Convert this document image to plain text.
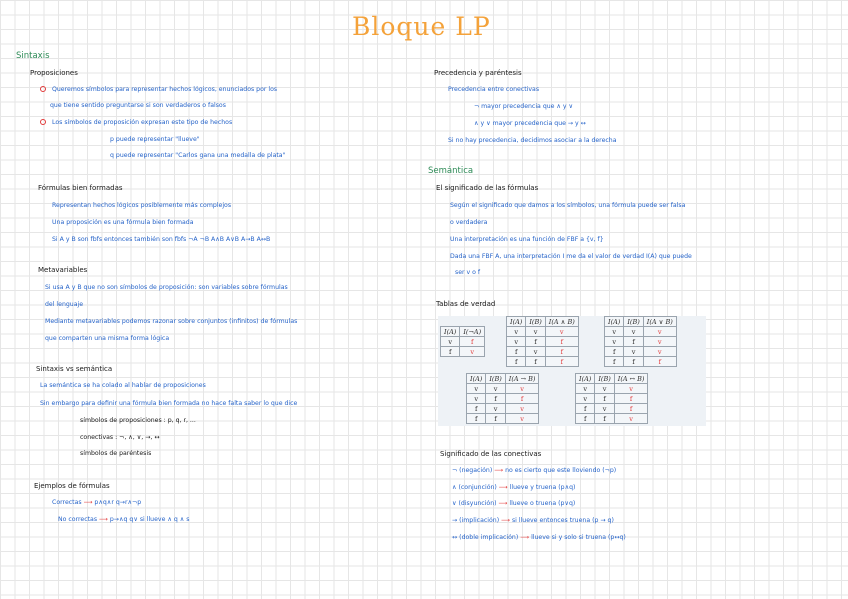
Bloque LP
Sintaxis
Proposiciones
Queremos símbolos para representar hechos lógicos, enunciados por los
que tiene sentido preguntarse si son verdaderos o falsos
Los símbolos de proposición expresan este tipo de hechos
p puede representar "llueve"
q puede representar "Carlos gana una medalla de plata"
Fórmulas bien formadas
Representan hechos lógicos posiblemente más complejos
Una proposición es una fórmula bien formada
Si A y B son fbfs entonces también son fbfs ¬A ¬B A∧B A∨B A→B A↔B
Metavariables
Si usa A y B que no son símbolos de proposición: son variables sobre fórmulas
del lenguaje
Mediante metavariables podemos razonar sobre conjuntos (infinitos) de fórmulas
que comparten una misma forma lógica
Sintaxis vs semántica
La semántica se ha colado al hablar de proposiciones
Sin embargo para definir una fórmula bien formada no hace falta saber lo que dice
símbolos de proposiciones : p, q, r, ...
conectivas : ¬, ∧, ∨, →, ↔
símbolos de paréntesis
Ejemplos de fórmulas
Correctas ⟶ p∧q∧r q→r∧¬p
No correctas ⟶ p→∧q q∨ si llueve ∧ q ∧ s
Precedencia y paréntesis
Precedencia entre conectivas
¬ mayor precedencia que ∧ y ∨
∧ y ∨ mayor precedencia que → y ↔
Si no hay precedencia, decidimos asociar a la derecha
Semántica
El significado de las fórmulas
Según el significado que damos a los símbolos, una fórmula puede ser falsa
o verdadera
Una interpretación es una función de FBF a {v, f}
Dada una FBF A, una interpretación I me da el valor de verdad I(A) que puede
ser v o f
Tablas de verdad
I(A)	I(¬A)
v	f
f	v
I(A)	I(B)	I(A ∧ B)
v	v	v
v	f	f
f	v	f
f	f	f
I(A)	I(B)	I(A ∨ B)
v	v	v
v	f	v
f	v	v
f	f	f
I(A)	I(B)	I(A → B)
v	v	v
v	f	f
f	v	v
f	f	v
I(A)	I(B)	I(A ↔ B)
v	v	v
v	f	f
f	v	f
f	f	v
Significado de las conectivas
¬ (negación) ⟶ no es cierto que este lloviendo (¬p)
∧ (conjunción) ⟶ llueve y truena (p∧q)
∨ (disyunción) ⟶ llueve o truena (p∨q)
→ (implicación) ⟶ si llueve entonces truena (p → q)
↔ (doble implicación) ⟶ llueve si y solo si truena (p↔q)
